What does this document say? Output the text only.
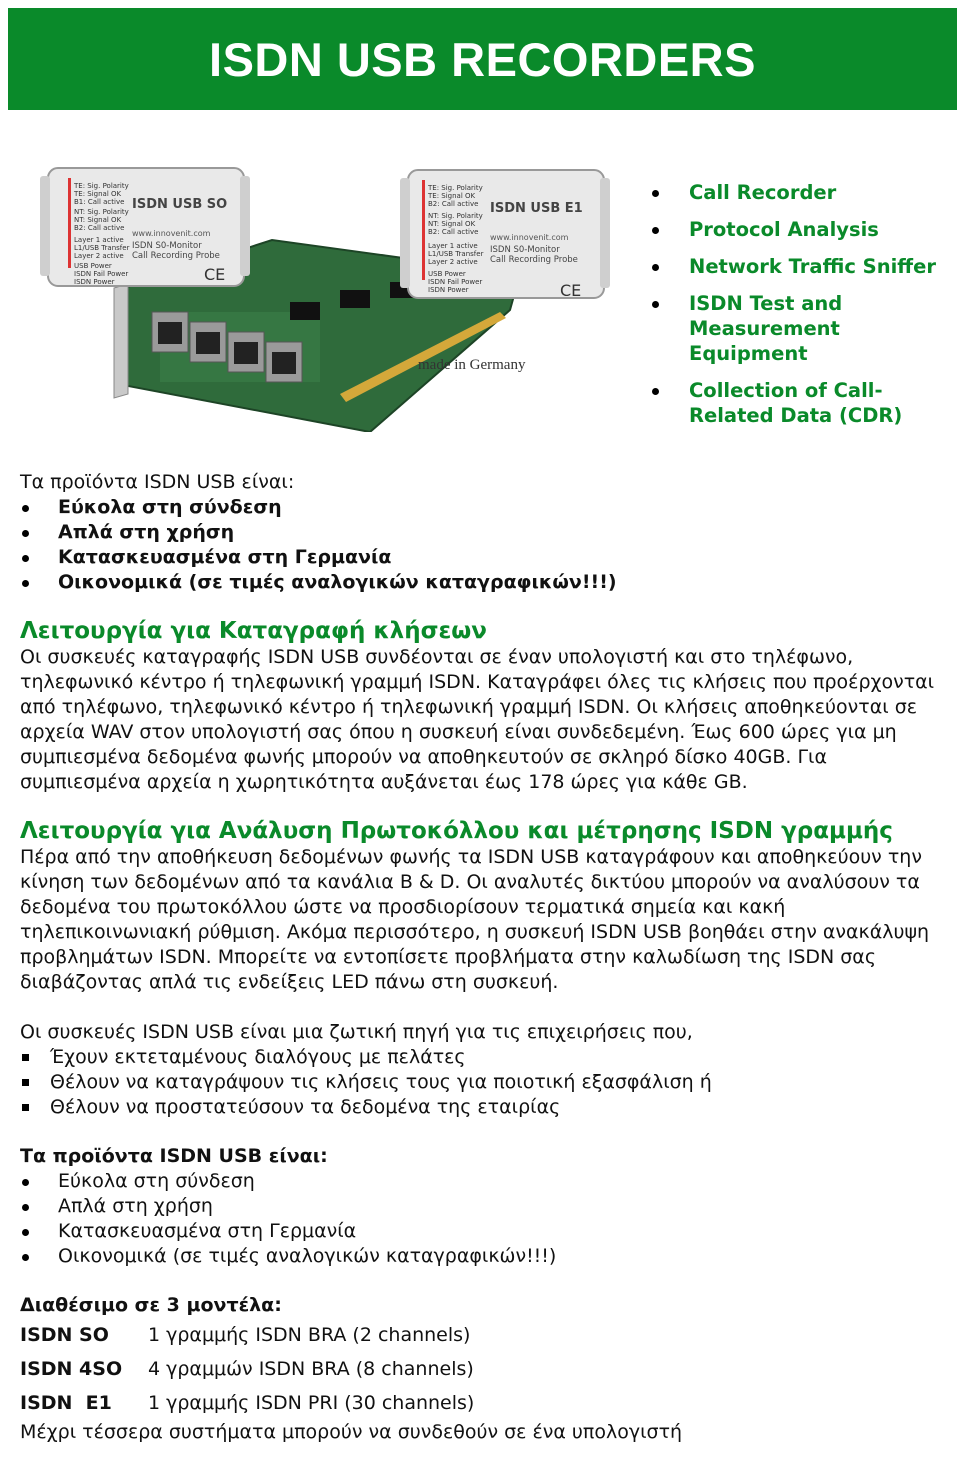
ISDN USB RECORDERS
TE: Sig. Polarity
TE: Signal OK
B1: Call active
NT: Sig. Polarity
NT: Signal OK
B2: Call active
Layer 1 active
L1/USB Transfer
Layer 2 active
USB Power
ISDN Fail Power
ISDN Power
ISDN USB SO
www.innovenit.com
ISDN S0-Monitor
Call Recording Probe
CE
TE: Sig. Polarity
TE: Signal OK
B2: Call active
NT: Sig. Polarity
NT: Signal OK
B2: Call active
Layer 1 active
L1/USB Transfer
Layer 2 active
USB Power
ISDN Fail Power
ISDN Power
ISDN USB E1
www.innovenit.com
ISDN S0-Monitor
Call Recording Probe
CE
made in Germany
Call Recorder
Protocol Analysis
Network Traffic Sniffer
ISDN Test and Measurement Equipment
Collection of Call-Related Data (CDR)

Τα προϊόντα ISDN USB είναι:

Εύκολα στη σύνδεση
Απλά στη χρήση
Κατασκευασμένα στη Γερμανία
Οικονομικά (σε τιμές αναλογικών καταγραφικών!!!)

Λειτουργία για Καταγραφή κλήσεων

Οι συσκευές καταγραφής ISDN USB συνδέονται σε έναν υπολογιστή και στο τηλέφωνο, τηλεφωνικό κέντρο ή τηλεφωνική γραμμή ISDN. Καταγράφει όλες τις κλήσεις που προέρχονται από τηλέφωνο, τηλεφωνικό κέντρο ή τηλεφωνική γραμμή ISDN. Οι κλήσεις αποθηκεύονται σε αρχεία WAV στον υπολογιστή σας όπου η συσκευή είναι συνδεδεμένη. Έως 600 ώρες για μη συμπιεσμένα δεδομένα φωνής μπορούν να αποθηκευτούν σε σκληρό δίσκο 40GB. Για συμπιεσμένα αρχεία η χωρητικότητα αυξάνεται έως 178 ώρες για κάθε GB.

Λειτουργία για Ανάλυση Πρωτοκόλλου και μέτρησης ISDN γραμμής

Πέρα από την αποθήκευση δεδομένων φωνής τα ISDN USB καταγράφουν και αποθηκεύουν την κίνηση των δεδομένων από τα κανάλια B & D. Οι αναλυτές δικτύου μπορούν να αναλύσουν τα δεδομένα του πρωτοκόλλου ώστε να προσδιορίσουν τερματικά σημεία και κακή τηλεπικοινωνιακή ρύθμιση. Ακόμα περισσότερο, η συσκευή ISDN USB βοηθάει στην ανακάλυψη προβλημάτων ISDN. Μπορείτε να εντοπίσετε προβλήματα στην καλωδίωση της ISDN σας διαβάζοντας απλά τις ενδείξεις LED πάνω στη συσκευή.

Οι συσκευές ISDN USB είναι μια ζωτική πηγή για τις επιχειρήσεις που,

Έχουν εκτεταμένους διαλόγους με πελάτες
Θέλουν να καταγράψουν τις κλήσεις τους για ποιοτική εξασφάλιση ή
Θέλουν να προστατεύσουν τα δεδομένα της εταιρίας

Τα προϊόντα ISDN USB είναι:

Εύκολα στη σύνδεση
Απλά στη χρήση
Κατασκευασμένα στη Γερμανία
Οικονομικά (σε τιμές αναλογικών καταγραφικών!!!)

Διαθέσιμο σε 3 μοντέλα:

ISDN SO	1 γραμμής ISDN BRA (2 channels)
ISDN 4SO	4 γραμμών ISDN BRA (8 channels)
ISDN  E1	1 γραμμής ISDN PRI (30 channels)

Μέχρι τέσσερα συστήματα μπορούν να συνδεθούν σε ένα υπολογιστή
